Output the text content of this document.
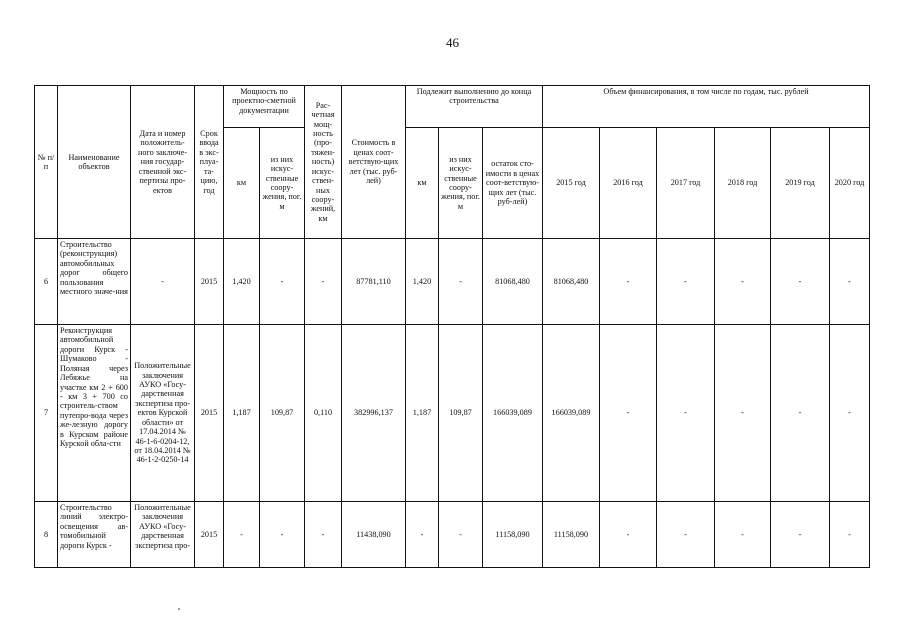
46
№ п/п	Наименование объектов	Дата и номер положитель-ного заключе-ния государ-ственной экс-пертизы про-ектов	Срок ввода в экс-плуа-та-цию, год	Мощность по проектно-сметной документации		Рас-четная мощ-ность (про-тяжен-ность) искус-ствен-ных соору-жений, км	Стоимость в ценах соот-ветствую-щих лет (тыс. руб-лей)	Подлежит выполнению до конца строительства			Объем финансирования, в том числе по годам, тыс. рублей					
				км	из них искус-ственные соору-жения, пог. м			км	из них искус-ственные соору-жения, пог. м	остаток сто-имости в ценах соот-ветствую-щих лет (тыс. руб-лей)	2015 год	2016 год	2017 год	2018 год	2019 год	2020 год
6	Строительство (реконструкция) автомобильных дорог общего пользования местного значе-ния	-	2015	1,420	-	-	87781,110	1,420	-	81068,480	81068,480	-	-	-	-	-
7	Реконструкция автомобильной дороги Курск - Шумаково - Поляная через Лебяжье на участке км 2 + 600 - км 3 + 700 со строитель-ством путепро-вода через же-лезную дорогу в Курском районе Курской обла-сти	Положительные заключения АУКО «Госу-дарственная экспертиза про-ектов Курской области» от 17.04.2014 № 46-1-6-0204-12, от 18.04.2014 № 46-1-2-0250-14	2015	1,187	109,87	0,110	382996,137	1,187	109,87	166039,089	166039,089	-	-	-	-	-
8	Строительство линий электро-освещения ав-томобильной дороги Курск -	Положительные заключения АУКО «Госу-дарственная экспертиза про-	2015	-	-	-	11438,090	-	-	11158,090	11158,090	-	-	-	-	-
